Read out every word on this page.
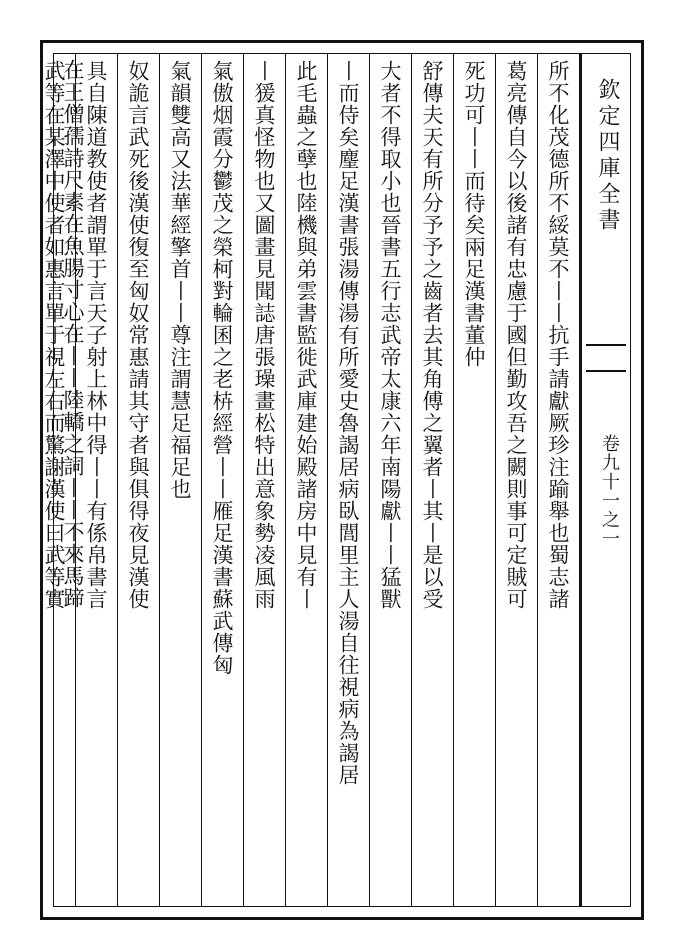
所不化茂德所不綏莫不丨丨抗手請獻厥珍注踰舉也蜀志諸
葛亮傳自今以後諸有忠慮于國但勤攻吾之闕則事可定賊可
死功可丨丨而待矣兩足漢書董仲
舒傳夫天有所分予予之齒者去其角傅之翼者丨其丨是以受
大者不得取小也晉書五行志武帝太康六年南陽獻丨丨猛獸
丨而侍矣麈足漢書張湯傳湯有所愛史魯謁居病臥閭里主人湯自往視病為謁居
此毛蟲之孽也陸機與弟雲書監徙武庫建始殿諸房中見有丨
丨猨真怪物也又圖畫見聞誌唐張璪畫松特出意象勢凌風雨
氣傲烟霞分鬱茂之榮柯對輪囷之老枿經營丨丨雁足漢書蘇武傳匈
氣韻雙高又法華經擎首丨丨尊注謂慧足福足也
奴詭言武死後漢使復至匈奴常惠請其守者與俱得夜見漢使
具自陳道教使者謂單于言天子射上林中得丨丨有係帛書言
武等在某澤中使者如惠言單于視左右而驚謝漢使曰武等實	欽定四庫全書
卷九十一之一
在王僧孺詩尺素在魚腸寸心在丨丨陸轎之詞丨丨不來馬蹄
